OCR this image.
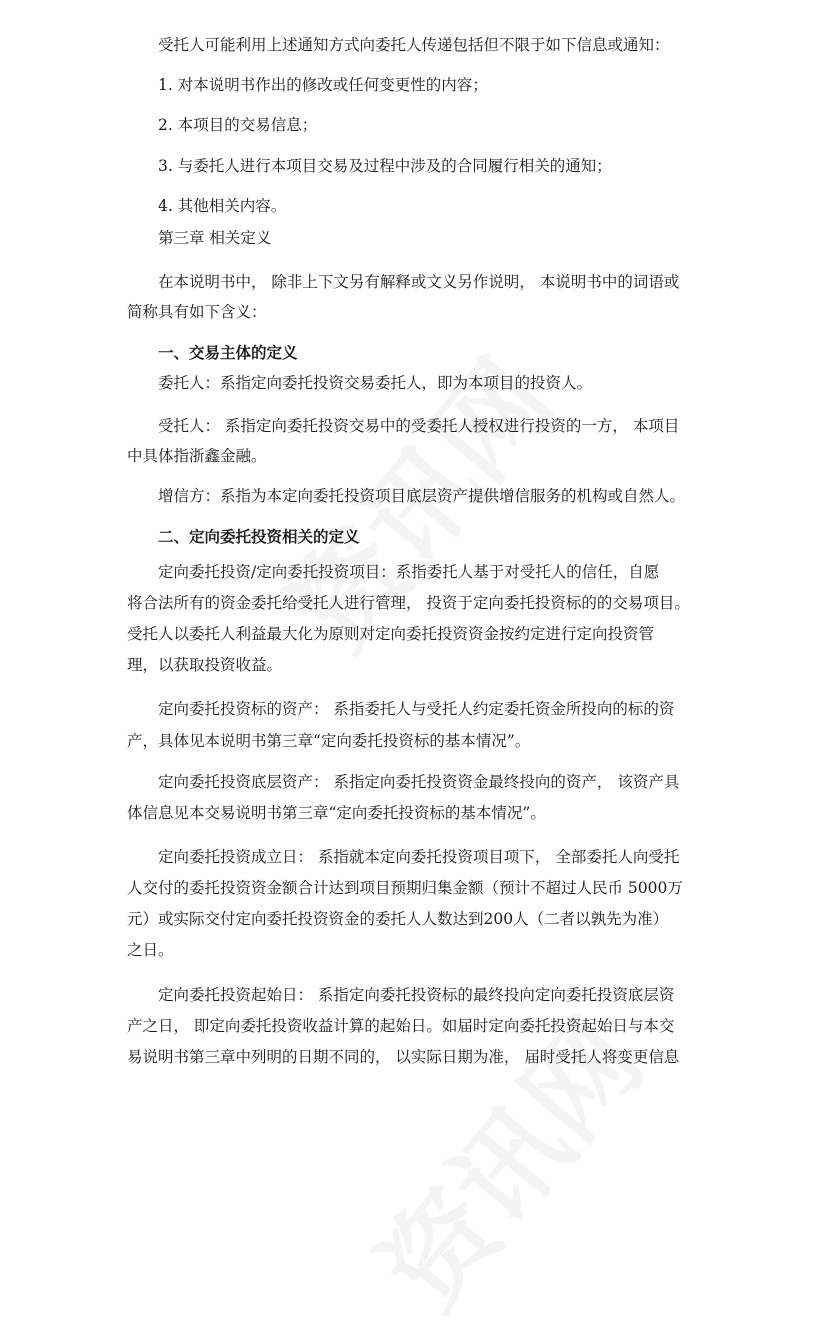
受托人可能利用上述通知方式向委托人传递包括但不限于如下信息或通知：
1. 对本说明书作出的修改或任何变更性的内容；
2. 本项目的交易信息；
3. 与委托人进行本项目交易及过程中涉及的合同履行相关的通知；
4. 其他相关内容。
第三章 相关定义
在本说明书中， 除非上下文另有解释或文义另作说明， 本说明书中的词语或
简称具有如下含义：
一、交易主体的定义
委托人：系指定向委托投资交易委托人，即为本项目的投资人。
受托人： 系指定向委托投资交易中的受委托人授权进行投资的一方， 本项目
中具体指浙鑫金融。
增信方：系指为本定向委托投资项目底层资产提供增信服务的机构或自然人。
二、定向委托投资相关的定义
定向委托投资/定向委托投资项目：系指委托人基于对受托人的信任，自愿
将合法所有的资金委托给受托人进行管理， 投资于定向委托投资标的的交易项目。
受托人以委托人利益最大化为原则对定向委托投资资金按约定进行定向投资管
理，以获取投资收益。
定向委托投资标的资产： 系指委托人与受托人约定委托资金所投向的标的资
产，具体见本说明书第三章“定向委托投资标的基本情况”。
定向委托投资底层资产： 系指定向委托投资资金最终投向的资产， 该资产具
体信息见本交易说明书第三章“定向委托投资标的基本情况”。
定向委托投资成立日： 系指就本定向委托投资项目项下， 全部委托人向受托
人交付的委托投资资金额合计达到项目预期归集金额（预计不超过人民币 5000万
元）或实际交付定向委托投资资金的委托人人数达到200人（二者以孰先为准）
之日。
定向委托投资起始日： 系指定向委托投资标的最终投向定向委托投资底层资
产之日， 即定向委托投资收益计算的起始日。如届时定向委托投资起始日与本交
易说明书第三章中列明的日期不同的， 以实际日期为准， 届时受托人将变更信息
